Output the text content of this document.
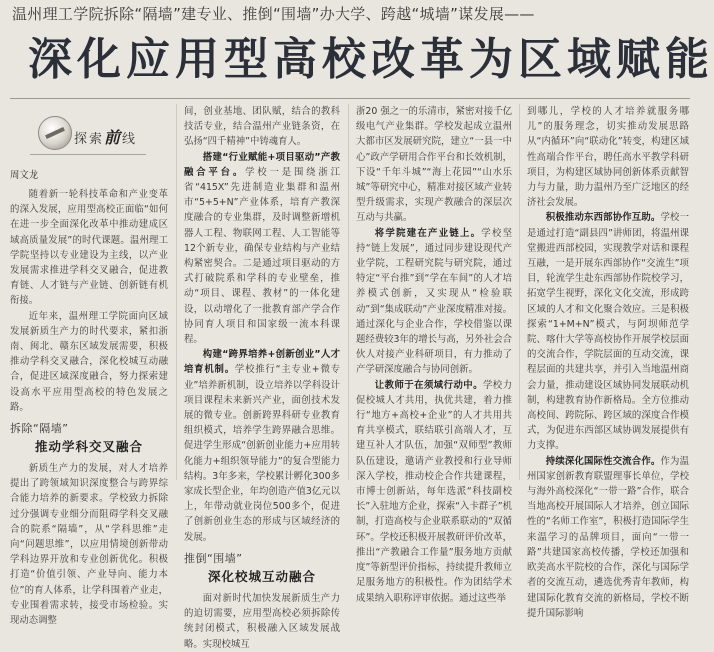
温州理工学院拆除“隔墙”建专业、推倒“围墙”办大学、跨越“城墙”谋发展——
深化应用型高校改革为区域赋能
探索前线
周文龙

随着新一轮科技革命和产业变革的深入发展，应用型高校正面临“如何在进一步全面深化改革中推动建成区域高质量发展”的时代课题。温州理工学院坚持以专业建设为主线，以产业发展需求推进学科交叉融合，促进教育链、人才链与产业链、创新链有机衔接。

近年来，温州理工学院面向区域发展新质生产力的时代要求，紧扣浙南、闽北、赣东区域发展需要，积极推动学科交叉融合，深化校城互动融合，促进区域深度融合，努力探索建设高水平应用型高校的特色发展之路。

拆除“隔墙”
推动学科交叉融合

新质生产力的发展，对人才培养提出了跨领域知识深度整合与跨界综合能力培养的新要求。学校致力拆除过分强调专业细分而阻碍学科交叉融合的院系“隔墙”，从“学科思维”走向“问题思维”，以应用情境创新带动学科边界开放和专业创新优化。积极打造“价值引领、产业导向、能力本位”的育人体系，让学科围着产业走，专业围着需求转，接受市场检验。实现动态调整

间，创业基地、团队赋，结合的教科技活专业，结合温州产业链条资，在弘扬“四千精神”中铸魂育人。

搭建“行业赋能+项目驱动”产教融合平台。学校一是围绕浙江省“415X”先进制造业集群和温州市“5+5+N”产业体系，培育产教深度融合的专业集群，及时调整新增机器人工程、物联网工程、人工智能等12个新专业，确保专业结构与产业结构紧密契合。二是通过项目驱动的方式打破院系和学科的专业壁垒，推动“项目、课程、教材”的一体化建设，以动增化了一批教育部产学合作协同育人项目和国家级一流本科课程。

构建“跨界培养+创新创业”人才培育机制。学校推行“主专业+微专业”培养新机制，设立培养以学科设计项目课程未来新兴产业，面创技术发展的微专业。创新跨界科研专业教育组织模式，培养学生跨界融合思维。促进学生形成“创新创业能力+应用转化能力+组织领导能力”的复合型能力结构。3年多来，学校累计孵化300多家成长型企业，年均创造产值3亿元以上，年带动就业岗位500多个，促进了创新创业生态的形成与区域经济的发展。

推倒“围墙”
深化校城互动融合

面对新时代加快发展新质生产力的迫切需要，应用型高校必须拆除传统封闭模式，积极融入区域发展战略。实现校城互

浙20 强之一的乐清市，紧密对接千亿级电气产业集群。学校发起成立温州大都市区发展研究院，建立“一县一中心”政产学研用合作平台和长效机制，下设“千年斗城”“海上花园”“山水乐城”等研究中心，精准对接区域产业转型升级需求，实现产教融合的深层次互动与共赢。

将学院建在产业链上。学校坚持“链上发展”，通过同步建设现代产业学院，工程研究院与研究院，通过特定“平台推”到“学在车间”的人才培养模式创新，又实现从“检验联动”到“集成联动”产业深度精准对接。通过深化与企业合作，学校借鉴以课题经费较3年的增长与高，另外社会合伙人对接产业科研项目，有力推动了产学研深度融合与协同创新。

让教师于在须域行动中。学校力促校城人才共用，执优共建，着力推行“地方+高校+企业”的人才共用共育共享模式，联结联引高端人才，互建互补人才队伍，加强“双师型”教师队伍建设，邀请产业教授和行业导师深入学校，推动校企合作共建课程，市博士创新站，每年选派“科技副校长”入驻地方企业，探索“入卡群子”机制，打造高校与企业联系联动的“双循环”。学校还积极开展教研评价改革，推出“产教融合工作量”服务地方贡献度”等新型评价指标，持续提升教师立足服务地方的积极性。作为团结学术成果纳入职称评审依据。通过这些举

到哪儿，学校的人才培养就服务哪儿”的服务理念，切实推动发展思路从“内循环”向“联动化”转变，构建区域性高端合作平台，聘任高水平教学科研项目，为构建区域协同创新体系贡献智力与力量，助力温州乃至广泛地区的经济社会发展。

积极推动东西部协作互助。学校一是通过打造“副县四”讲师团，将温州课堂搬进西部校园，实现教学对话和课程互融，一是开展东西部协作“交流生”项目，轮流学生赴东西部协作院校学习，拓宽学生视野，深化文化交流，形成跨区域的人才和文化聚合效应。三是积极探索“1+M+N”模式，与阿坝师范学院、喀什大学等高校协作开展学校层面的交流合作，学院层面的互动交流，课程层面的共建共享，并引入当地温州商会力量，推动建设区域协同发展联动机制，构建教育协作新格局。全方位推动高校间、跨院际、跨区域的深度合作模式，为促进东西部区域协调发展提供有力支撑。

持续深化国际性交流合作。作为温州国家创新教育联盟理事长单位，学校与海外高校深化“一带一路”合作，联合当地高校开展国际人才培养，创立国际性的“名师工作室”，积极打造国际学生来温学习的品牌项目，面向“一带一路”共建国家高校传播，学校还加强和欧美高水平院校的合作，深化与国际学者的交流互动，遴选优秀青年教师，构建国际化教育交流的新格局，学校不断提升国际影响
